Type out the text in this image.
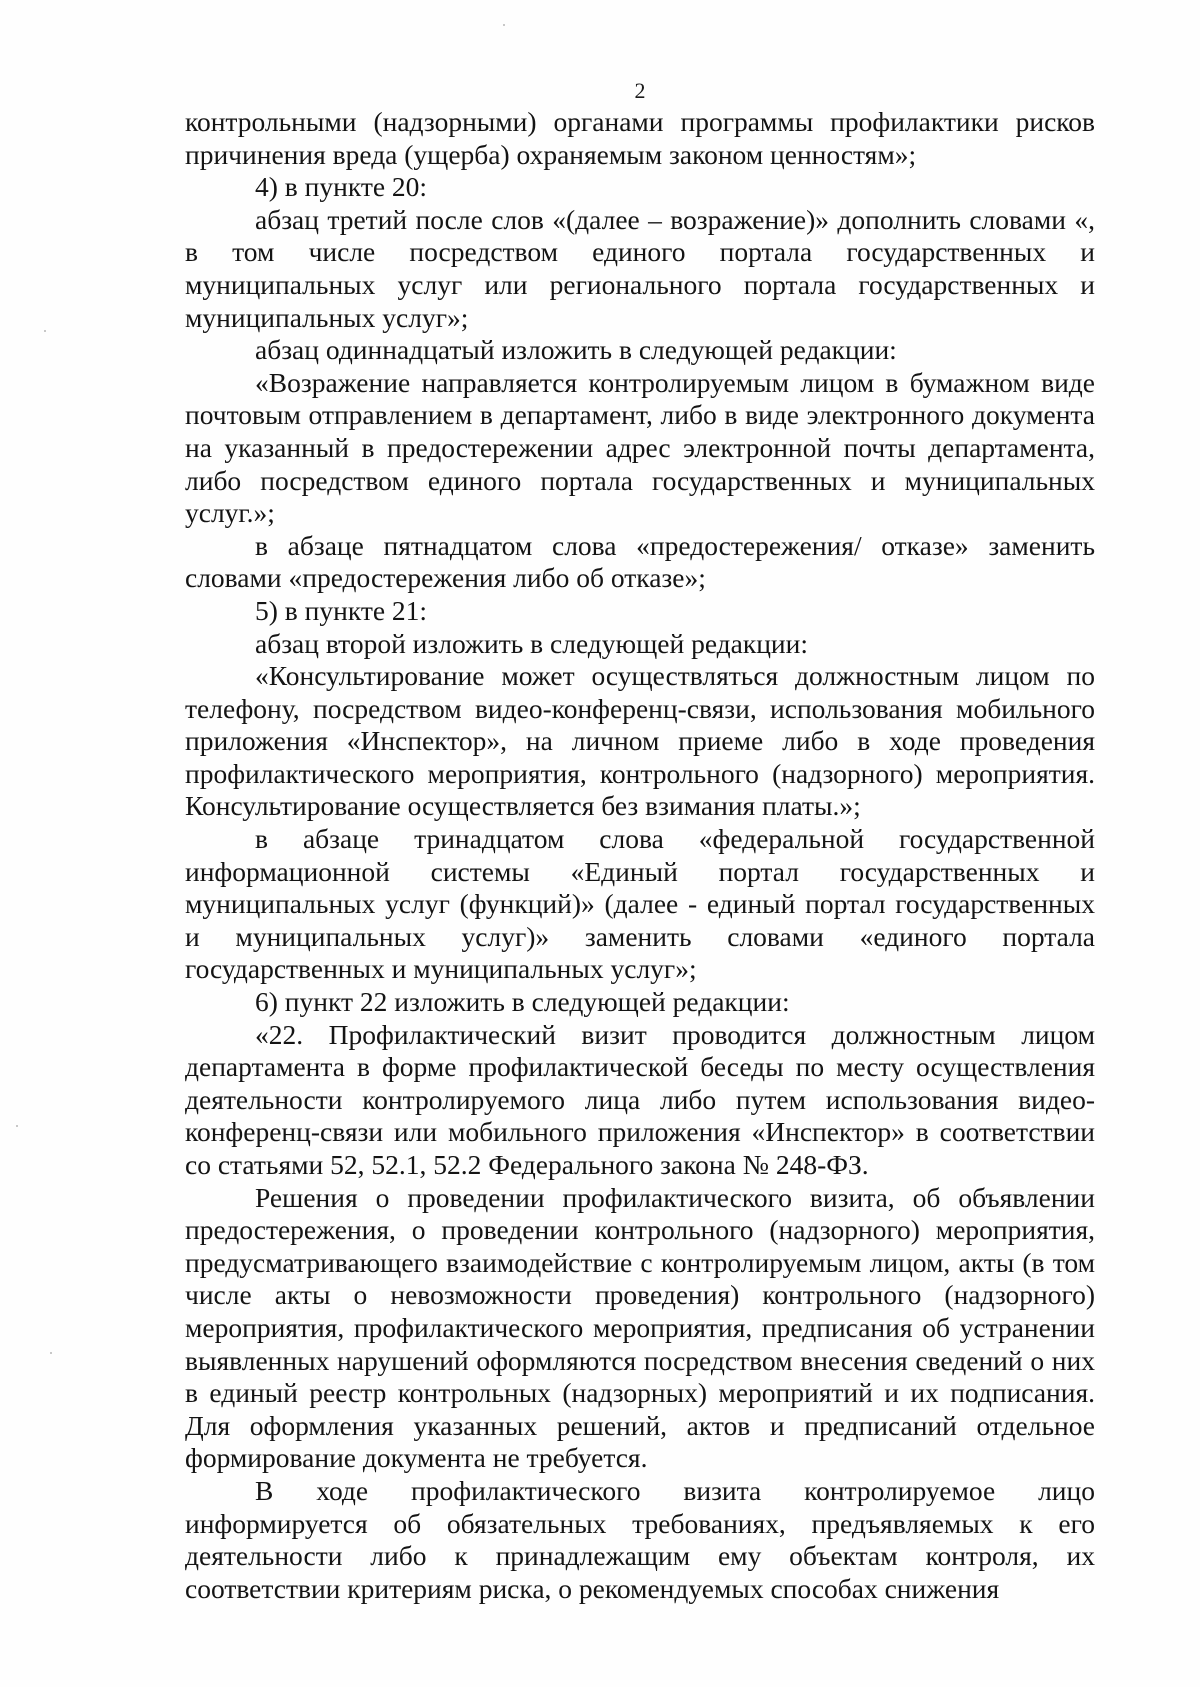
2

контрольными (надзорными) органами программы профилактики рисков причинения вреда (ущерба) охраняемым законом ценностям»;

4) в пункте 20:

абзац третий после слов «(далее – возражение)» дополнить словами «, в том числе посредством единого портала государственных и муниципальных услуг или регионального портала государственных и муниципальных услуг»;

абзац одиннадцатый изложить в следующей редакции:

«Возражение направляется контролируемым лицом в бумажном виде почтовым отправлением в департамент, либо в виде электронного документа на указанный в предостережении адрес электронной почты департамента, либо посредством единого портала государственных и муниципальных услуг.»;

в абзаце пятнадцатом слова «предостережения/ отказе» заменить словами «предостережения либо об отказе»;

5) в пункте 21:

абзац второй изложить в следующей редакции:

«Консультирование может осуществляться должностным лицом по телефону, посредством видео-конференц-связи, использования мобильного приложения «Инспектор», на личном приеме либо в ходе проведения профилактического мероприятия, контрольного (надзорного) мероприятия. Консультирование осуществляется без взимания платы.»;

в абзаце тринадцатом слова «федеральной государственной информационной системы «Единый портал государственных и муниципальных услуг (функций)» (далее - единый портал государственных и муниципальных услуг)» заменить словами «единого портала государственных и муниципальных услуг»;

6) пункт 22 изложить в следующей редакции:

«22. Профилактический визит проводится должностным лицом департамента в форме профилактической беседы по месту осуществления деятельности контролируемого лица либо путем использования видео-конференц-связи или мобильного приложения «Инспектор» в соответствии со статьями 52, 52.1, 52.2 Федерального закона № 248-ФЗ.

Решения о проведении профилактического визита, об объявлении предостережения, о проведении контрольного (надзорного) мероприятия, предусматривающего взаимодействие с контролируемым лицом, акты (в том числе акты о невозможности проведения) контрольного (надзорного) мероприятия, профилактического мероприятия, предписания об устранении выявленных нарушений оформляются посредством внесения сведений о них в единый реестр контрольных (надзорных) мероприятий и их подписания. Для оформления указанных решений, актов и предписаний отдельное формирование документа не требуется.

В ходе профилактического визита контролируемое лицо информируется об обязательных требованиях, предъявляемых к его деятельности либо к принадлежащим ему объектам контроля, их соответствии критериям риска, о рекомендуемых способах снижения
